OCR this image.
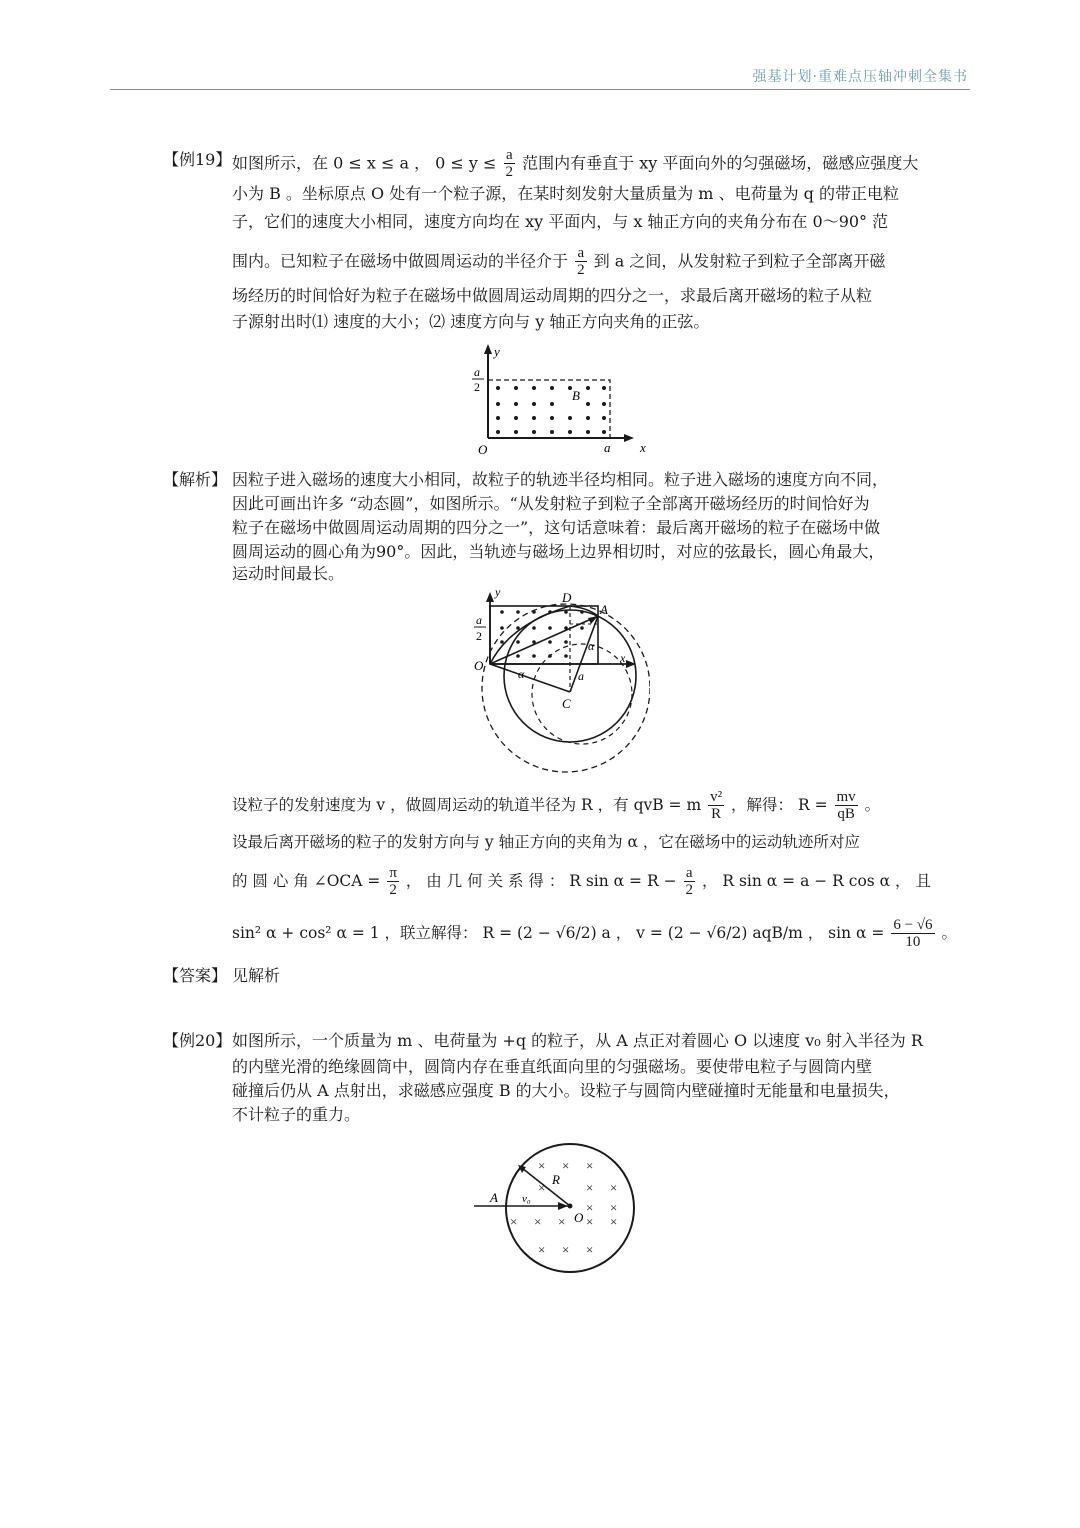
强基计划·重难点压轴冲刺全集书
【例19】 如图所示，在 0 ≤ x ≤ a ， $0 \le y \le \frac{a}{2}$ 范围内有垂直于 xy 平面向外的匀强磁场，磁感应强度大
小为 B 。坐标原点 O 处有一个粒子源，在某时刻发射大量质量为 m 、电荷量为 q 的带正电粒
子，它们的速度大小相同，速度方向均在 xy 平面内，与 x 轴正方向的夹角分布在 0～90° 范
围内。已知粒子在磁场中做圆周运动的半径介于 $\frac{a}{2}$ 到 a 之间，从发射粒子到粒子全部离开磁
场经历的时间恰好为粒子在磁场中做圆周运动周期的四分之一，求最后离开磁场的粒子从粒
子源射出时⑴ 速度的大小；⑵ 速度方向与 y 轴正方向夹角的正弦。
y
x
O	a
B
a
2
【解析】 因粒子进入磁场的速度大小相同，故粒子的轨迹半径均相同。粒子进入磁场的速度方向不同，
因此可画出许多 “动态圆”，如图所示。“从发射粒子到粒子全部离开磁场经历的时间恰好为
粒子在磁场中做圆周运动周期的四分之一”，这句话意味着：最后离开磁场的粒子在磁场中做
圆周运动的圆心角为90°。因此，当轨迹与磁场上边界相切时，对应的弦最长，圆心角最大，
运动时间最长。
y
x
O
D
A
C
α
α
a
a
2
设粒子的发射速度为 v ，做圆周运动的轨道半径为 R ，有 qvB = m $\frac{\text{v²}}{R}$ ，解得： $R = \frac{mv}{qB}$ 。
设最后离开磁场的粒子的发射方向与 y 轴正方向的夹角为 α ，它在磁场中的运动轨迹所对应
的 圆 心 角 ∠OCA = $\frac{\pi}{2}$ ， 由 几 何 关 系 得 ： R $\sin \alpha = R - \frac{a}{2}$ ， R sin α = a − R cos α ， 且
sin² α + cos² α = 1 ，联立解得： R = (2 − √6/2) a ， v = (2 − √6/2) aqB/m ， $\sin \alpha = \frac{6 - √6}{10}$ 。
【答案】 见解析
【例20】 如图所示，一个质量为 m 、电荷量为 +q 的粒子，从 A 点正对着圆心 O 以速度 v₀ 射入半径为 R
的内壁光滑的绝缘圆筒中，圆筒内存在垂直纸面向里的匀强磁场。要使带电粒子与圆筒内壁
碰撞后仍从 A 点射出，求磁感应强度 B 的大小。设粒子与圆筒内壁碰撞时无能量和电量损失，
不计粒子的重力。
× × ×
× ×
×
× ×
× × × × ×
× × ×
A
O
R
v₀
